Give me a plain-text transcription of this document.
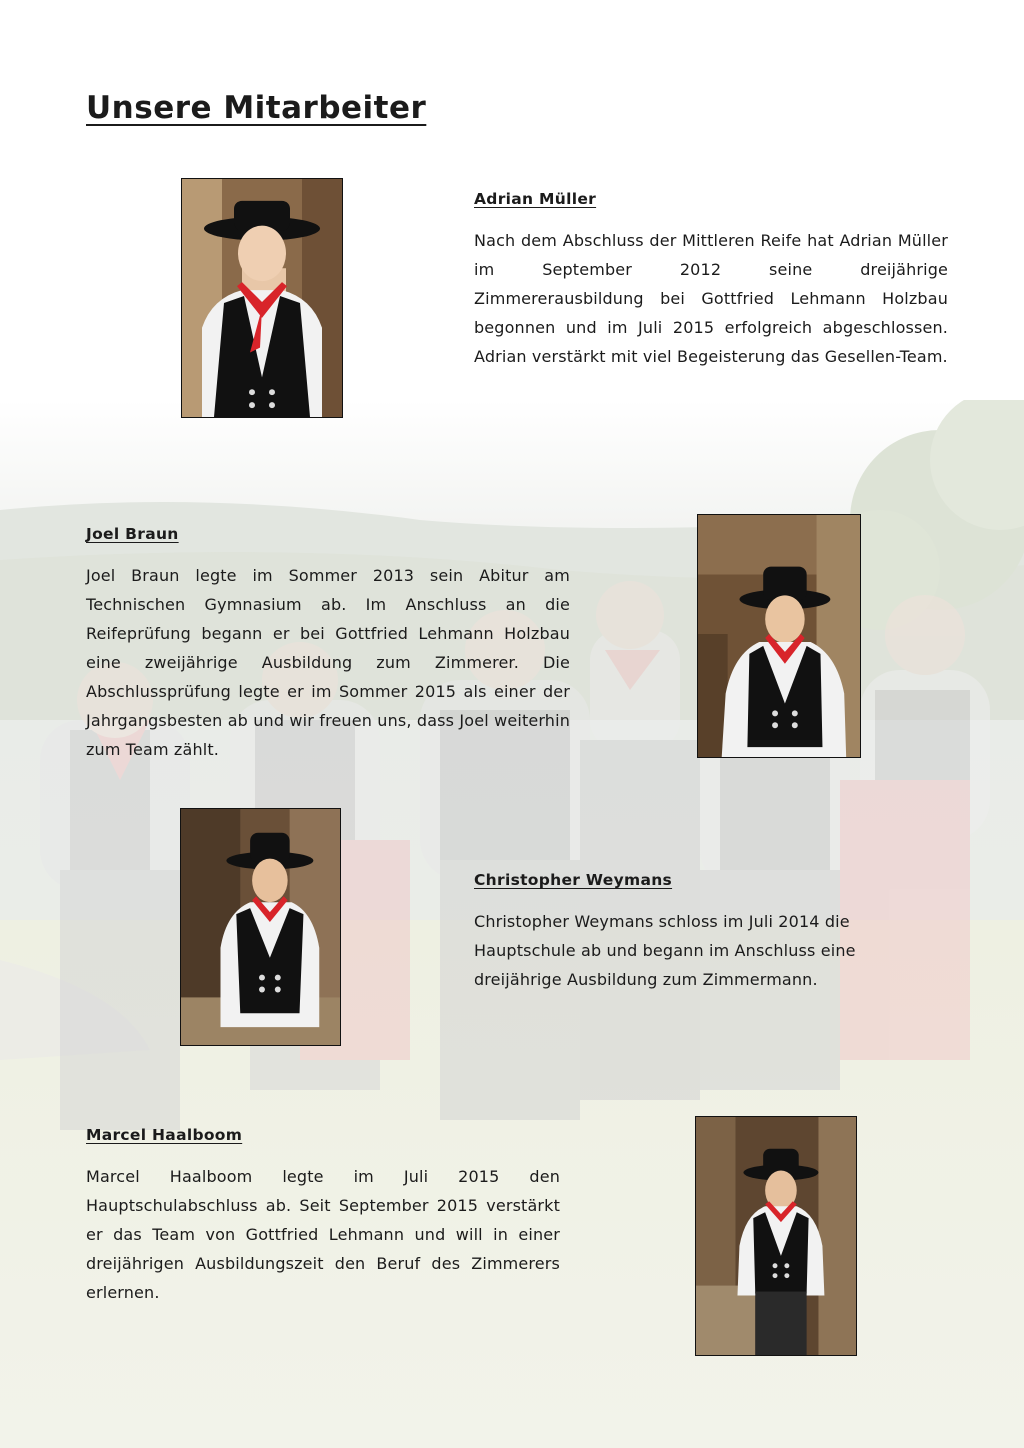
Unsere Mitarbeiter

Adrian Müller

Nach dem Abschluss der Mittleren Reife hat Adrian Müller im September 2012 seine dreijährige Zimmererausbildung bei Gottfried Lehmann Holzbau begonnen und im Juli 2015 erfolgreich abgeschlossen. Adrian verstärkt mit viel Begeisterung das Gesellen-Team.

Joel Braun

Joel Braun legte im Sommer 2013 sein Abitur am Technischen Gymnasium ab. Im Anschluss an die Reifeprüfung begann er bei Gottfried Lehmann Holzbau eine zweijährige Ausbildung zum Zimmerer. Die Abschlussprüfung legte er im Sommer 2015 als einer der Jahrgangsbesten ab und wir freuen uns, dass Joel weiterhin zum Team zählt.

Christopher Weymans

Christopher Weymans schloss im Juli 2014 die Hauptschule ab und begann im Anschluss eine dreijährige Ausbildung zum Zimmermann.

Marcel Haalboom

Marcel Haalboom legte im Juli 2015 den Hauptschulabschluss ab. Seit September 2015 verstärkt er das Team von Gottfried Lehmann und will in einer dreijährigen Ausbildungszeit den Beruf des Zimmerers erlernen.
